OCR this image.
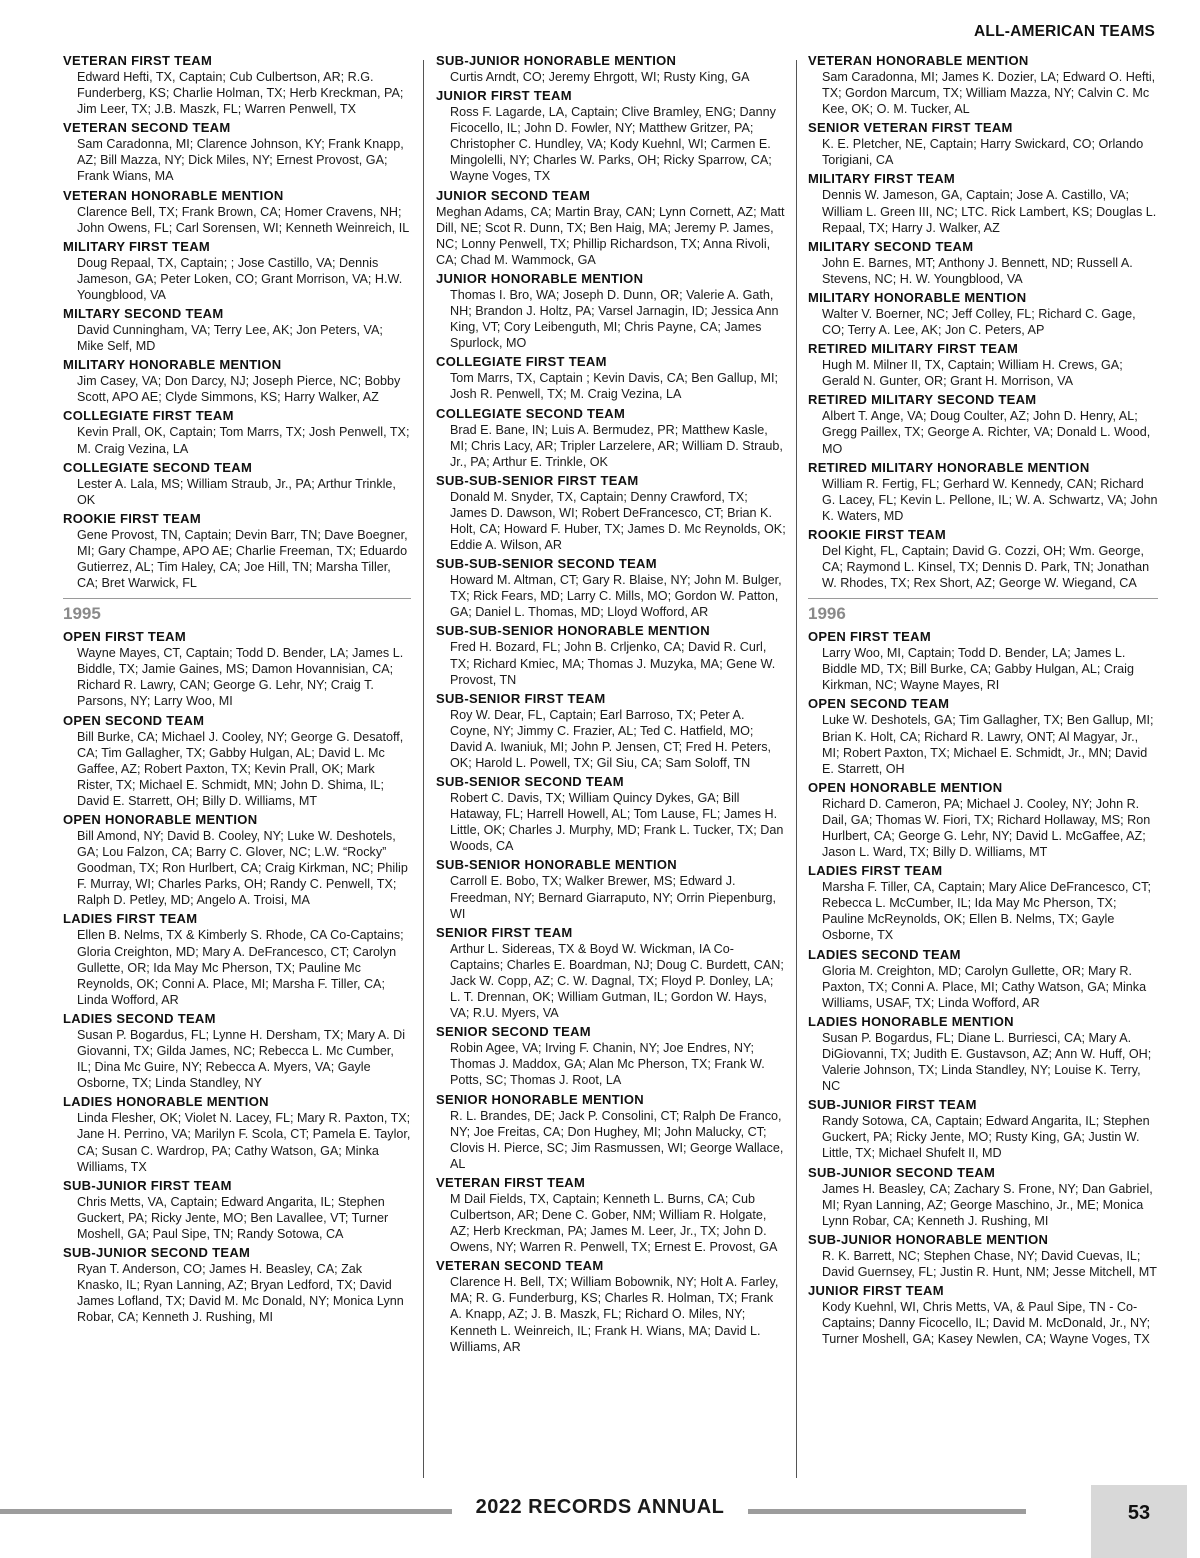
ALL-AMERICAN TEAMS
VETERAN FIRST TEAM

Edward Hefti, TX, Captain; Cub Culbertson, AR; R.G. Funderberg, KS; Charlie Holman, TX; Herb Kreckman, PA; Jim Leer, TX; J.B. Maszk, FL; Warren Penwell, TX

VETERAN SECOND TEAM

Sam Caradonna, MI; Clarence Johnson, KY; Frank Knapp, AZ; Bill Mazza, NY; Dick Miles, NY; Ernest Provost, GA; Frank Wians, MA

VETERAN HONORABLE MENTION

Clarence Bell, TX; Frank Brown, CA; Homer Cravens, NH; John Owens, FL; Carl Sorensen, WI; Kenneth Weinreich, IL

MILITARY FIRST TEAM

Doug Repaal, TX, Captain; ; Jose Castillo, VA; Dennis Jameson, GA; Peter Loken, CO; Grant Morrison, VA; H.W. Youngblood, VA

MILTARY SECOND TEAM

David Cunningham, VA; Terry Lee, AK; Jon Peters, VA; Mike Self, MD

MILITARY HONORABLE MENTION

Jim Casey, VA; Don Darcy, NJ; Joseph Pierce, NC; Bobby Scott, APO AE; Clyde Simmons, KS; Harry Walker, AZ

COLLEGIATE FIRST TEAM

Kevin Prall, OK, Captain; Tom Marrs, TX; Josh Penwell, TX; M. Craig Vezina, LA

COLLEGIATE SECOND TEAM

Lester A. Lala, MS; William Straub, Jr., PA; Arthur Trinkle, OK

ROOKIE FIRST TEAM

Gene Provost, TN, Captain; Devin Barr, TN; Dave Boegner, MI; Gary Champe, APO AE; Charlie Freeman, TX; Eduardo Gutierrez, AL; Tim Haley, CA; Joe Hill, TN; Marsha Tiller, CA; Bret Warwick, FL

1995
OPEN FIRST TEAM

Wayne Mayes, CT, Captain; Todd D. Bender, LA; James L. Biddle, TX; Jamie Gaines, MS; Damon Hovannisian, CA; Richard R. Lawry, CAN; George G. Lehr, NY; Craig T. Parsons, NY; Larry Woo, MI

OPEN SECOND TEAM

Bill Burke, CA; Michael J. Cooley, NY; George G. Desatoff, CA; Tim Gallagher, TX; Gabby Hulgan, AL; David L. Mc Gaffee, AZ; Robert Paxton, TX; Kevin Prall, OK; Mark Rister, TX; Michael E. Schmidt, MN; John D. Shima, IL; David E. Starrett, OH; Billy D. Williams, MT

OPEN HONORABLE MENTION

Bill Amond, NY; David B. Cooley, NY; Luke W. Deshotels, GA; Lou Falzon, CA; Barry C. Glover, NC; L.W. “Rocky” Goodman, TX; Ron Hurlbert, CA; Craig Kirkman, NC; Philip F. Murray, WI; Charles Parks, OH; Randy C. Penwell, TX; Ralph D. Petley, MD; Angelo A. Troisi, MA

LADIES FIRST TEAM

Ellen B. Nelms, TX & Kimberly S. Rhode, CA Co-Captains; Gloria Creighton, MD; Mary A. DeFrancesco, CT; Carolyn Gullette, OR; Ida May Mc Pherson, TX; Pauline Mc Reynolds, OK; Conni A. Place, MI; Marsha F. Tiller, CA; Linda Wofford, AR

LADIES SECOND TEAM

Susan P. Bogardus, FL; Lynne H. Dersham, TX; Mary A. Di Giovanni, TX; Gilda James, NC; Rebecca L. Mc Cumber, IL; Dina Mc Guire, NY; Rebecca A. Myers, VA; Gayle Osborne, TX; Linda Standley, NY

LADIES HONORABLE MENTION

Linda Flesher, OK; Violet N. Lacey, FL; Mary R. Paxton, TX; Jane H. Perrino, VA; Marilyn F. Scola, CT; Pamela E. Taylor, CA; Susan C. Wardrop, PA; Cathy Watson, GA; Minka Williams, TX

SUB-JUNIOR FIRST TEAM

Chris Metts, VA, Captain; Edward Angarita, IL; Stephen Guckert, PA; Ricky Jente, MO; Ben Lavallee, VT; Turner Moshell, GA; Paul Sipe, TN; Randy Sotowa, CA

SUB-JUNIOR SECOND TEAM

Ryan T. Anderson, CO; James H. Beasley, CA; Zak Knasko, IL; Ryan Lanning, AZ; Bryan Ledford, TX; David James Lofland, TX; David M. Mc Donald, NY; Monica Lynn Robar, CA; Kenneth J. Rushing, MI

SUB-JUNIOR HONORABLE MENTION

Curtis Arndt, CO; Jeremy Ehrgott, WI; Rusty King, GA

JUNIOR FIRST TEAM

Ross F. Lagarde, LA, Captain; Clive Bramley, ENG; Danny Ficocello, IL; John D. Fowler, NY; Matthew Gritzer, PA; Christopher C. Hundley, VA; Kody Kuehnl, WI; Carmen E. Mingolelli, NY; Charles W. Parks, OH; Ricky Sparrow, CA; Wayne Voges, TX

JUNIOR SECOND TEAM

Meghan Adams, CA; Martin Bray, CAN; Lynn Cornett, AZ; Matt Dill, NE; Scot R. Dunn, TX; Ben Haig, MA; Jeremy P. James, NC; Lonny Penwell, TX; Phillip Richardson, TX; Anna Rivoli, CA; Chad M. Wammock, GA

JUNIOR HONORABLE MENTION

Thomas I. Bro, WA; Joseph D. Dunn, OR; Valerie A. Gath, NH; Brandon J. Holtz, PA; Varsel Jarnagin, ID; Jessica Ann King, VT; Cory Leibenguth, MI; Chris Payne, CA; James Spurlock, MO

COLLEGIATE FIRST TEAM

Tom Marrs, TX, Captain ; Kevin Davis, CA; Ben Gallup, MI; Josh R. Penwell, TX; M. Craig Vezina, LA

COLLEGIATE SECOND TEAM

Brad E. Bane, IN; Luis A. Bermudez, PR; Matthew Kasle, MI; Chris Lacy, AR; Tripler Larzelere, AR; William D. Straub, Jr., PA; Arthur E. Trinkle, OK

SUB-SUB-SENIOR FIRST TEAM

Donald M. Snyder, TX, Captain; Denny Crawford, TX; James D. Dawson, WI; Robert DeFrancesco, CT; Brian K. Holt, CA; Howard F. Huber, TX; James D. Mc Reynolds, OK; Eddie A. Wilson, AR

SUB-SUB-SENIOR SECOND TEAM

Howard M. Altman, CT; Gary R. Blaise, NY; John M. Bulger, TX; Rick Fears, MD; Larry C. Mills, MO; Gordon W. Patton, GA; Daniel L. Thomas, MD; Lloyd Wofford, AR

SUB-SUB-SENIOR HONORABLE MENTION

Fred H. Bozard, FL; John B. Crljenko, CA; David R. Curl, TX; Richard Kmiec, MA; Thomas J. Muzyka, MA; Gene W. Provost, TN

SUB-SENIOR FIRST TEAM

Roy W. Dear, FL, Captain; Earl Barroso, TX; Peter A. Coyne, NY; Jimmy C. Frazier, AL; Ted C. Hatfield, MO; David A. Iwaniuk, MI; John P. Jensen, CT; Fred H. Peters, OK; Harold L. Powell, TX; Gil Siu, CA; Sam Soloff, TN

SUB-SENIOR SECOND TEAM

Robert C. Davis, TX; William Quincy Dykes, GA; Bill Hataway, FL; Harrell Howell, AL; Tom Lause, FL; James H. Little, OK; Charles J. Murphy, MD; Frank L. Tucker, TX; Dan Woods, CA

SUB-SENIOR HONORABLE MENTION

Carroll E. Bobo, TX; Walker Brewer, MS; Edward J. Freedman, NY; Bernard Giarraputo, NY; Orrin Piepenburg, WI

SENIOR FIRST TEAM

Arthur L. Sidereas, TX & Boyd W. Wickman, IA Co-Captains; Charles E. Boardman, NJ; Doug C. Burdett, CAN; Jack W. Copp, AZ; C. W. Dagnal, TX; Floyd P. Donley, LA; L. T. Drennan, OK; William Gutman, IL; Gordon W. Hays, VA; R.U. Myers, VA

SENIOR SECOND TEAM

Robin Agee, VA; Irving F. Chanin, NY; Joe Endres, NY; Thomas J. Maddox, GA; Alan Mc Pherson, TX; Frank W. Potts, SC; Thomas J. Root, LA

SENIOR HONORABLE MENTION

R. L. Brandes, DE; Jack P. Consolini, CT; Ralph De Franco, NY; Joe Freitas, CA; Don Hughey, MI; John Malucky, CT; Clovis H. Pierce, SC; Jim Rasmussen, WI; George Wallace, AL

VETERAN FIRST TEAM

M Dail Fields, TX, Captain; Kenneth L. Burns, CA; Cub Culbertson, AR; Dene C. Gober, NM; William R. Holgate, AZ; Herb Kreckman, PA; James M. Leer, Jr., TX; John D. Owens, NY; Warren R. Penwell, TX; Ernest E. Provost, GA

VETERAN SECOND TEAM

Clarence H. Bell, TX; William Bobownik, NY; Holt A. Farley, MA; R. G. Funderburg, KS; Charles R. Holman, TX; Frank A. Knapp, AZ; J. B. Maszk, FL; Richard O. Miles, NY; Kenneth L. Weinreich, IL; Frank H. Wians, MA; David L. Williams, AR

VETERAN HONORABLE MENTION

Sam Caradonna, MI; James K. Dozier, LA; Edward O. Hefti, TX; Gordon Marcum, TX; William Mazza, NY; Calvin C. Mc Kee, OK; O. M. Tucker, AL

SENIOR VETERAN FIRST TEAM

K. E. Pletcher, NE, Captain; Harry Swickard, CO; Orlando Torigiani, CA

MILITARY FIRST TEAM

Dennis W. Jameson, GA, Captain; Jose A. Castillo, VA; William L. Green III, NC; LTC. Rick Lambert, KS; Douglas L. Repaal, TX; Harry J. Walker, AZ

MILITARY SECOND TEAM

John E. Barnes, MT; Anthony J. Bennett, ND; Russell A. Stevens, NC; H. W. Youngblood, VA

MILITARY HONORABLE MENTION

Walter V. Boerner, NC; Jeff Colley, FL; Richard C. Gage, CO; Terry A. Lee, AK; Jon C. Peters, AP

RETIRED MILITARY FIRST TEAM

Hugh M. Milner II, TX, Captain; William H. Crews, GA; Gerald N. Gunter, OR; Grant H. Morrison, VA

RETIRED MILITARY SECOND TEAM

Albert T. Ange, VA; Doug Coulter, AZ; John D. Henry, AL; Gregg Paillex, TX; George A. Richter, VA; Donald L. Wood, MO

RETIRED MILITARY HONORABLE MENTION

William R. Fertig, FL; Gerhard W. Kennedy, CAN; Richard G. Lacey, FL; Kevin L. Pellone, IL; W. A. Schwartz, VA; John K. Waters, MD

ROOKIE FIRST TEAM

Del Kight, FL, Captain; David G. Cozzi, OH; Wm. George, CA; Raymond L. Kinsel, TX; Dennis D. Park, TN; Jonathan W. Rhodes, TX; Rex Short, AZ; George W. Wiegand, CA

1996
OPEN FIRST TEAM

Larry Woo, MI, Captain; Todd D. Bender, LA; James L. Biddle MD, TX; Bill Burke, CA; Gabby Hulgan, AL; Craig Kirkman, NC; Wayne Mayes, RI

OPEN SECOND TEAM

Luke W. Deshotels, GA; Tim Gallagher, TX; Ben Gallup, MI; Brian K. Holt, CA; Richard R. Lawry, ONT; Al Magyar, Jr., MI; Robert Paxton, TX; Michael E. Schmidt, Jr., MN; David E. Starrett, OH

OPEN HONORABLE MENTION

Richard D. Cameron, PA; Michael J. Cooley, NY; John R. Dail, GA; Thomas W. Fiori, TX; Richard Hollaway, MS; Ron Hurlbert, CA; George G. Lehr, NY; David L. McGaffee, AZ; Jason L. Ward, TX; Billy D. Williams, MT

LADIES FIRST TEAM

Marsha F. Tiller, CA, Captain; Mary Alice DeFrancesco, CT; Rebecca L. McCumber, IL; Ida May Mc Pherson, TX; Pauline McReynolds, OK; Ellen B. Nelms, TX; Gayle Osborne, TX

LADIES SECOND TEAM

Gloria M. Creighton, MD; Carolyn Gullette, OR; Mary R. Paxton, TX; Conni A. Place, MI; Cathy Watson, GA; Minka Williams, USAF, TX; Linda Wofford, AR

LADIES HONORABLE MENTION

Susan P. Bogardus, FL; Diane L. Burriesci, CA; Mary A. DiGiovanni, TX; Judith E. Gustavson, AZ; Ann W. Huff, OH; Valerie Johnson, TX; Linda Standley, NY; Louise K. Terry, NC

SUB-JUNIOR FIRST TEAM

Randy Sotowa, CA, Captain; Edward Angarita, IL; Stephen Guckert, PA; Ricky Jente, MO; Rusty King, GA; Justin W. Little, TX; Michael Shufelt II, MD

SUB-JUNIOR SECOND TEAM

James H. Beasley, CA; Zachary S. Frone, NY; Dan Gabriel, MI; Ryan Lanning, AZ; George Maschino, Jr., ME; Monica Lynn Robar, CA; Kenneth J. Rushing, MI

SUB-JUNIOR HONORABLE MENTION

R. K. Barrett, NC; Stephen Chase, NY; David Cuevas, IL; David Guernsey, FL; Justin R. Hunt, NM; Jesse Mitchell, MT

JUNIOR FIRST TEAM

Kody Kuehnl, WI, Chris Metts, VA, & Paul Sipe, TN - Co-Captains; Danny Ficocello, IL; David M. McDonald, Jr., NY; Turner Moshell, GA; Kasey Newlen, CA; Wayne Voges, TX

2022 RECORDS ANNUAL	53
